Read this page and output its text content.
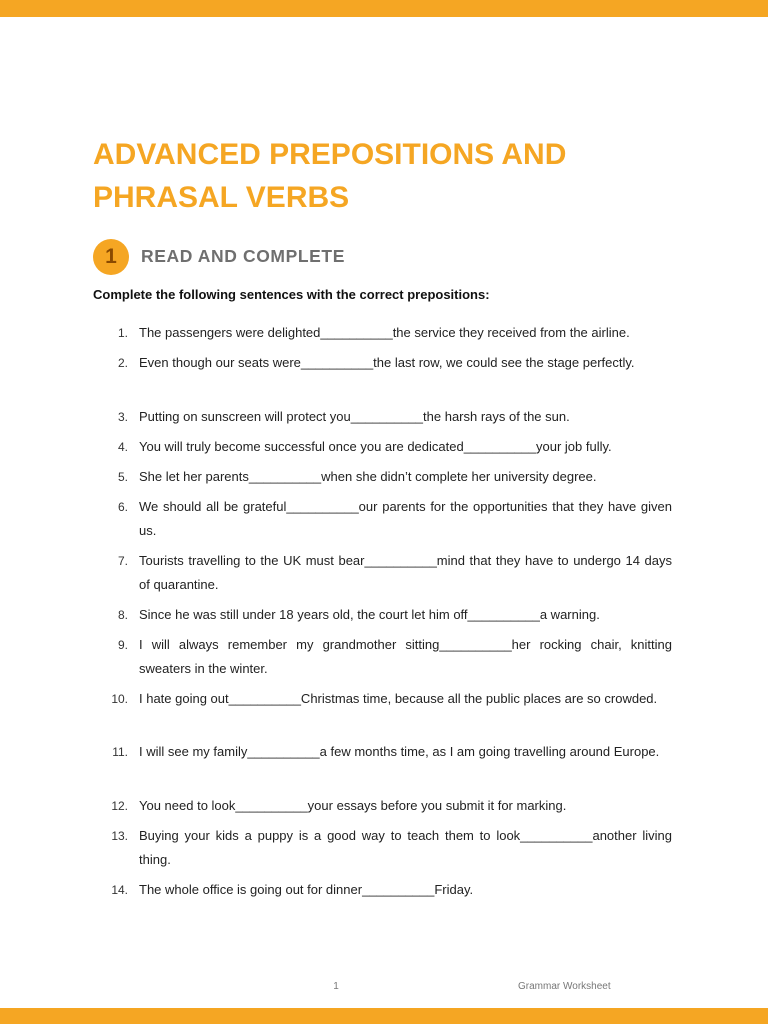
ADVANCED PREPOSITIONS AND PHRASAL VERBS
1	READ AND COMPLETE
Complete the following sentences with the correct prepositions:
1. The passengers were delighted__________the service they received from the airline.
2. Even though our seats were__________the last row, we could see the stage perfectly.
3. Putting on sunscreen will protect you__________the harsh rays of the sun.
4. You will truly become successful once you are dedicated__________your job fully.
5. She let her parents__________when she didn’t complete her university degree.
6. We should all be grateful__________our parents for the opportunities that they have given us.
7. Tourists travelling to the UK must bear__________mind that they have to undergo 14 days of quarantine.
8. Since he was still under 18 years old, the court let him off__________a warning.
9. I will always remember my grandmother sitting__________her rocking chair, knitting sweaters in the winter.
10. I hate going out__________Christmas time, because all the public places are so crowded.
11. I will see my family__________a few months time, as I am going travelling around Europe.
12. You need to look__________your essays before you submit it for marking.
13. Buying your kids a puppy is a good way to teach them to look__________another living thing.
14. The whole office is going out for dinner__________Friday.
1	Grammar Worksheet
